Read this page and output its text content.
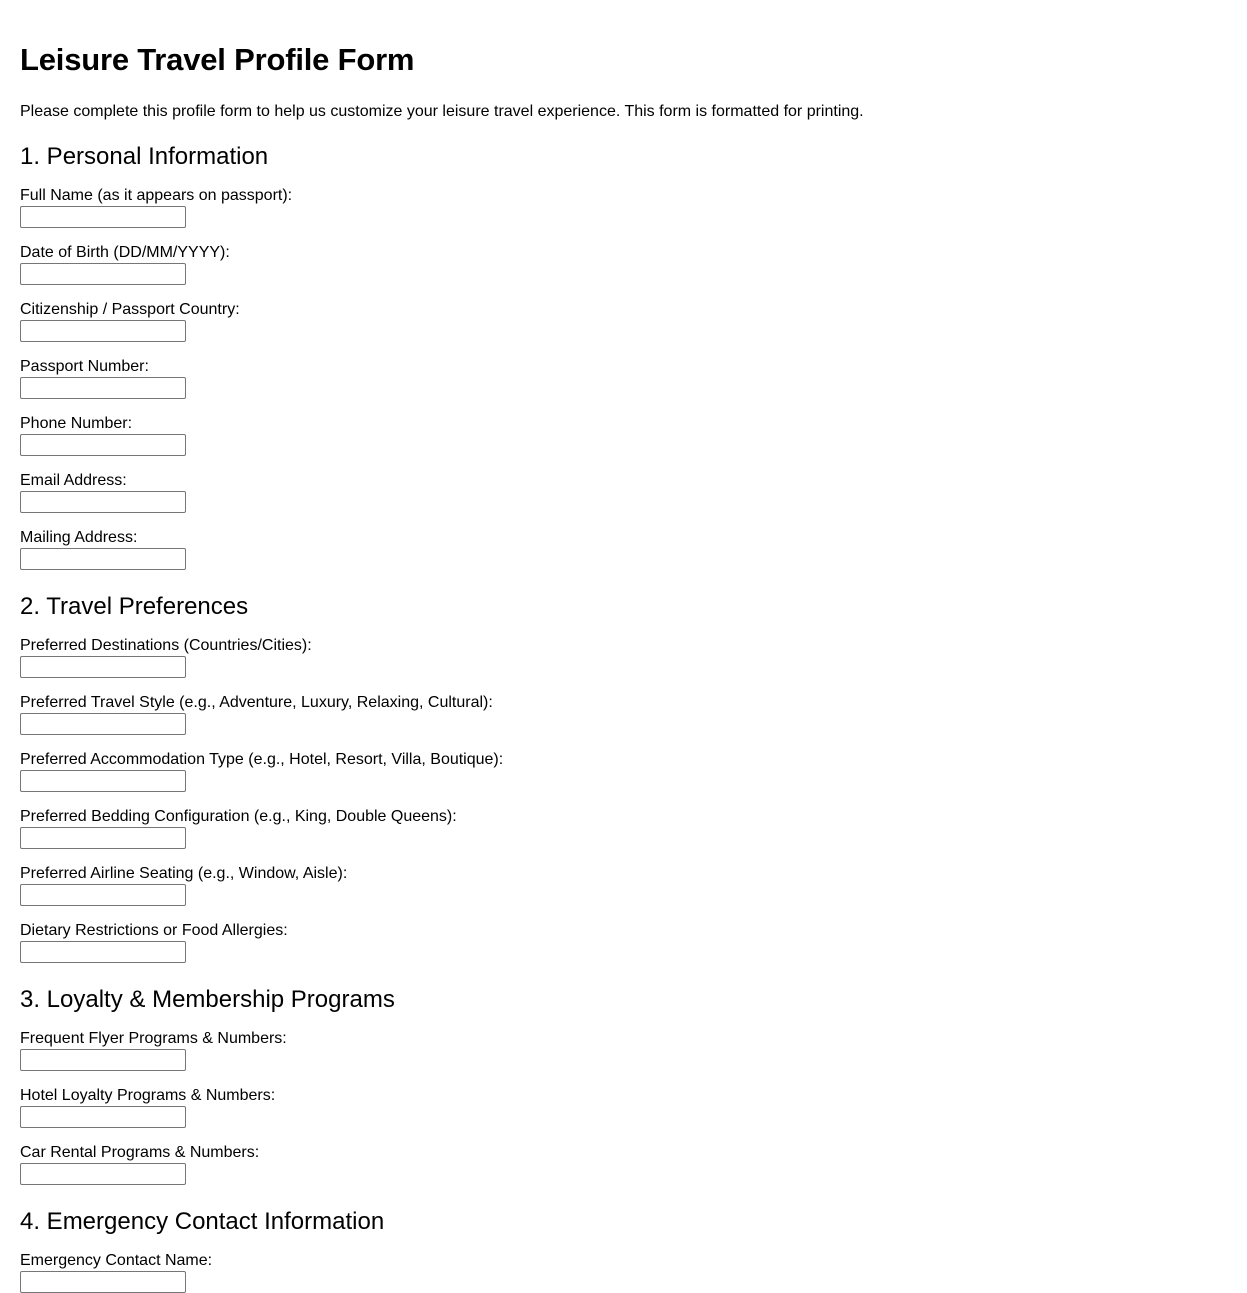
Leisure Travel Profile Form

Please complete this profile form to help us customize your leisure travel experience. This form is formatted for printing.

1. Personal Information
Full Name (as it appears on passport):
Date of Birth (DD/MM/YYYY):
Citizenship / Passport Country:
Passport Number:
Phone Number:
Email Address:
Mailing Address:
2. Travel Preferences
Preferred Destinations (Countries/Cities):
Preferred Travel Style (e.g., Adventure, Luxury, Relaxing, Cultural):
Preferred Accommodation Type (e.g., Hotel, Resort, Villa, Boutique):
Preferred Bedding Configuration (e.g., King, Double Queens):
Preferred Airline Seating (e.g., Window, Aisle):
Dietary Restrictions or Food Allergies:
3. Loyalty & Membership Programs
Frequent Flyer Programs & Numbers:
Hotel Loyalty Programs & Numbers:
Car Rental Programs & Numbers:
4. Emergency Contact Information
Emergency Contact Name:
